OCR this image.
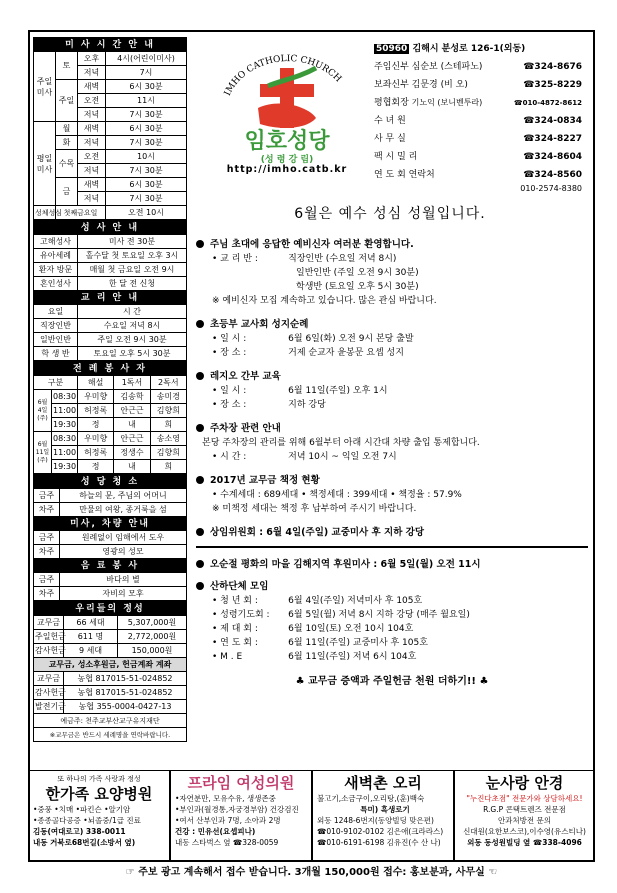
미 사 시 간 안 내			
주일미사	토	오후	4시(어린이미사)
		저녁	7시
	주일	새벽	6시 30분
		오전	11시
		저녁	7시 30분
평일미사	월	새벽	6시 30분
	화	저녁	7시 30분
	수목	오전	10시
		저녁	7시 30분
	금	새벽	6시 30분
		저녁	7시 30분
성체성심	첫째금요일		오전 10시
성 사 안 내	
고해성사	미사 전 30분
유아세례	홀수달 첫 토요일 오후 3시
환자 방문	매월 첫 금요일 오전 9시
혼인성사	한 달 전 신청
교 리 안 내	
요일	시 간
직장인반	수요일 저녁 8시
일반인반	주일 오전 9시 30분
학 생 반	토요일 오후 5시 30분
전 례 봉 사 자				
구분		해설	1독서	2독서
6월 4일(주)	08:30	우미향	김송학	송미경
	11:00	허정록	안근근	김향희
	19:30	정	내	희
6월 11일(주)	08:30	우미향	안근근	송소영
	11:00	허정록	정생수	김향희
	19:30	정	내	희
성 당 청 소	
금주	하늘의 문, 주님의 어머니
차주	만물의 여왕, 종거룩을 섬
미사, 차량 안내	
금주	원례없이 임해에서 도우
차주	영광의 성모
음 료 봉 사	
금주	바다의 별
차주	자비의 모후
우리들의 정성		
교무금	66 세대	5,307,000원
주일헌금	611 명	2,772,000원
감사헌금	9 세대	150,000원
교무금, 성소후원금, 헌금계좌 계좌		
교무금	농협 817015-51-024852	
감사헌금	농협 817015-51-024852	
발전기금	농협 355-0004-0427-13	
예금주: 천주교부산교구유지재단		
※교무금은 반드시 세례명을 연락바랍니다.		
IMHO CATHOLIC CHURCH
임호성당
(성 령 강 림)
http://imho.catb.kr
50960 김해시 분성로 126-1(외동)
주임신부 심순보 (스테파노)	☎324-8676
보좌신부 김문경 (비 오)	☎325-8229
평협회장 기노익 (보니벤투라)	☎010-4872-8612
수 녀 원	☎324-0834
사 무 실	☎324-8227
팩 시 밀 리	☎324-8604
연 도 회 연락처	☎324-8560
010-2574-8380
6월은 예수 성심 성월입니다.
주님 초대에 응답한 예비신자 여러분 환영합니다.
• 교 리 반 :	직장인반 (수요일 저녁 8시)
일반인반 (주일 오전 9시 30분)
학생반 (토요일 오후 5시 30분)
※ 예비신자 모집 계속하고 있습니다. 많은 관심 바랍니다.
초등부 교사회 성지순례
• 일 시 :	6월 6일(화) 오전 9시 본당 출발
• 장 소 :	거제 순교자 윤봉문 요셉 성지
레지오 간부 교육
• 일 시 :	6월 11일(주일) 오후 1시
• 장 소 :	지하 강당
주차장 관련 안내
본당 주차장의 관리를 위해 6월부터 아래 시간대 차량 출입 통제합니다.
• 시 간 :	저녁 10시 ~ 익일 오전 7시
2017년 교무금 책정 현황
• 수계세대 : 689세대 • 책정세대 : 399세대 • 책정율 : 57.9%
※ 미책정 세대는 책정 후 납부하여 주시기 바랍니다.
상임위원회 : 6월 4일(주일) 교중미사 후 지하 강당
오순절 평화의 마을 김해지역 후원미사 : 6월 5일(월) 오전 11시
산하단체 모임
• 청 년 회 :	6월 4일(주일) 저녁미사 후 105호
• 성령기도회 : 6월 5일(월) 저녁 8시 지하 강당 (매주 월요일)
• 제 대 회 :	6월 10일(토) 오전 10시 104호
• 연 도 회 :	6월 11일(주일) 교중미사 후 105호
• M . E	6월 11일(주일) 저녁 6시 104호
♣ 교무금 증액과 주일헌금 천원 더하기!! ♣
또 하나의 가족 사랑과 정성
한가족 요양병원
•중풍 •치매 •파킨슨 •알기암
•종종골다공증 •뇌졸중/1급 진료
김동(여대로고) 338-0011
내동 거북로68번길(소방서 옆)
프라임 여성의원
•자연분만, 모유수유, 생생존중
•부인과(월경통,자궁경부암) 건강검진
•여서 산부인과 7명, 소아과 2명
건강 : 민유선(요셉피나)
내동 스타벅스 옆 ☎328-0059
새벽촌 오리
불고기,소금구이,오리탕,(훈)백숙
특미) 흑생로기
외동 1248-6번지(동양빌딩 맞은편)
☎010-9102-0102 김은애(크라라스)
☎010-6191-6198 김유진(수 산 나)
눈사랑 안경
"누진다초점" 전문가와 상담하세요!
R.G.P 콘택트렌즈 전문점
안과처방전 문의
신대원(요한보스코),이수영(유스티나)
외동 동성원빌딩 옆 ☎338-4096
☞ 주보 광고 계속해서 접수 받습니다. 3개월 150,000원 접수: 홍보분과, 사무실 ☜
